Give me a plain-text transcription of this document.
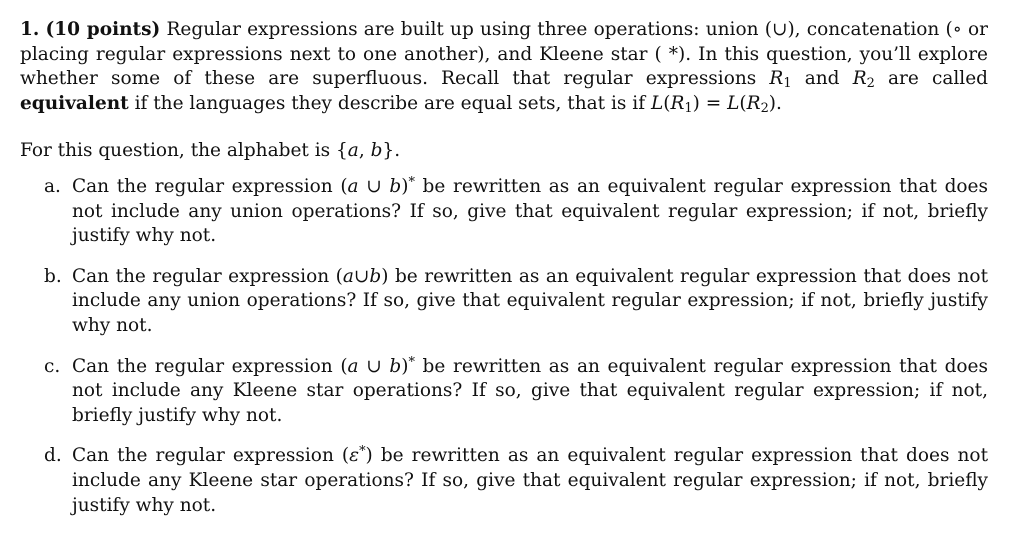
1. (10 points) Regular expressions are built up using three operations: union (∪), concatenation (∘ or placing regular expressions next to one another), and Kleene star ( *). In this question, you’ll explore whether some of these are superfluous. Recall that regular expressions $R_1$ and $R_2$ are called equivalent if the languages they describe are equal sets, that is if $L(R_1) = L(R_2)$.

For this question, the alphabet is {a, b}.

a. Can the regular expression (a ∪ b)* be rewritten as an equivalent regular expression that does not include any union operations? If so, give that equivalent regular expression; if not, briefly justify why not.
b. Can the regular expression (a∪b) be rewritten as an equivalent regular expression that does not include any union operations? If so, give that equivalent regular expression; if not, briefly justify why not.
c. Can the regular expression (a ∪ b)* be rewritten as an equivalent regular expression that does not include any Kleene star operations? If so, give that equivalent regular expression; if not, briefly justify why not.
d. Can the regular expression (ε*) be rewritten as an equivalent regular expression that does not include any Kleene star operations? If so, give that equivalent regular expression; if not, briefly justify why not.
